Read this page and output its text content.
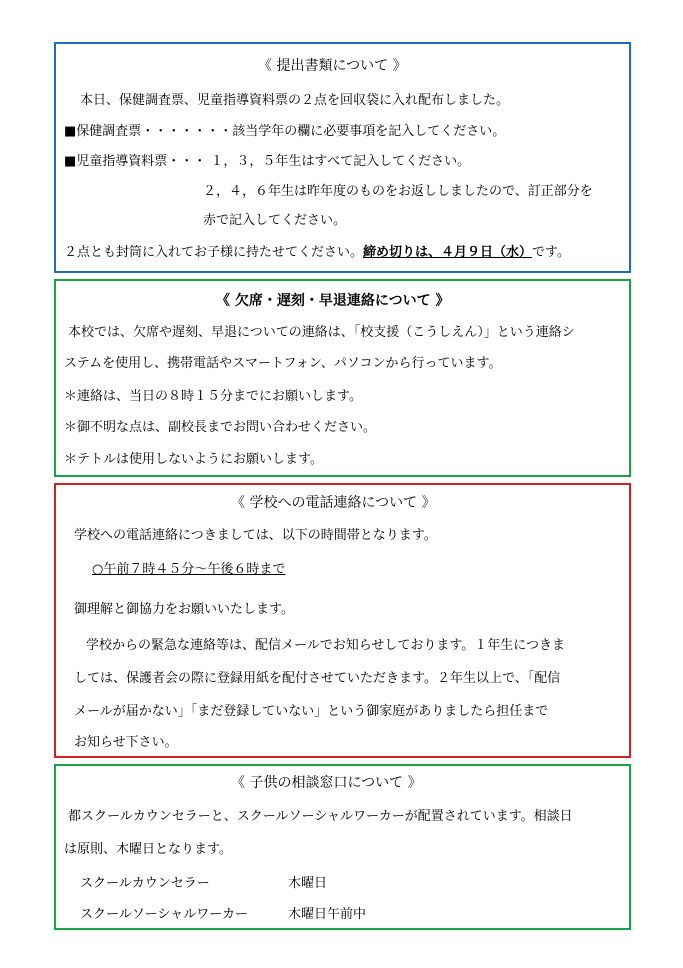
《 提出書類について 》
本日、保健調査票、児童指導資料票の２点を回収袋に入れ配布しました。
■保健調査票・・・・・・・該当学年の欄に必要事項を記入してください。
■児童指導資料票・・・ １，３，５年生はすべて記入してください。
２，４，６年生は昨年度のものをお返ししましたので、訂正部分を
赤で記入してください。
２点とも封筒に入れてお子様に持たせてください。締め切りは、４月９日（水）です。
《 欠席・遅刻・早退連絡について 》
本校では、欠席や遅刻、早退についての連絡は、「校支援（こうしえん）」という連絡シ
ステムを使用し、携帯電話やスマートフォン、パソコンから行っています。
＊連絡は、当日の８時１５分までにお願いします。
＊御不明な点は、副校長までお問い合わせください。
＊テトルは使用しないようにお願いします。
《 学校への電話連絡について 》
学校への電話連絡につきましては、以下の時間帯となります。
○午前７時４５分～午後６時まで
御理解と御協力をお願いいたします。
学校からの緊急な連絡等は、配信メールでお知らせしております。１年生につきま
しては、保護者会の際に登録用紙を配付させていただきます。２年生以上で、「配信
メールが届かない」「まだ登録していない」という御家庭がありましたら担任まで
お知らせ下さい。
《 子供の相談窓口について 》
都スクールカウンセラーと、スクールソーシャルワーカーが配置されています。相談日
は原則、木曜日となります。
スクールカウンセラー	木曜日
スクールソーシャルワーカー	木曜日午前中
